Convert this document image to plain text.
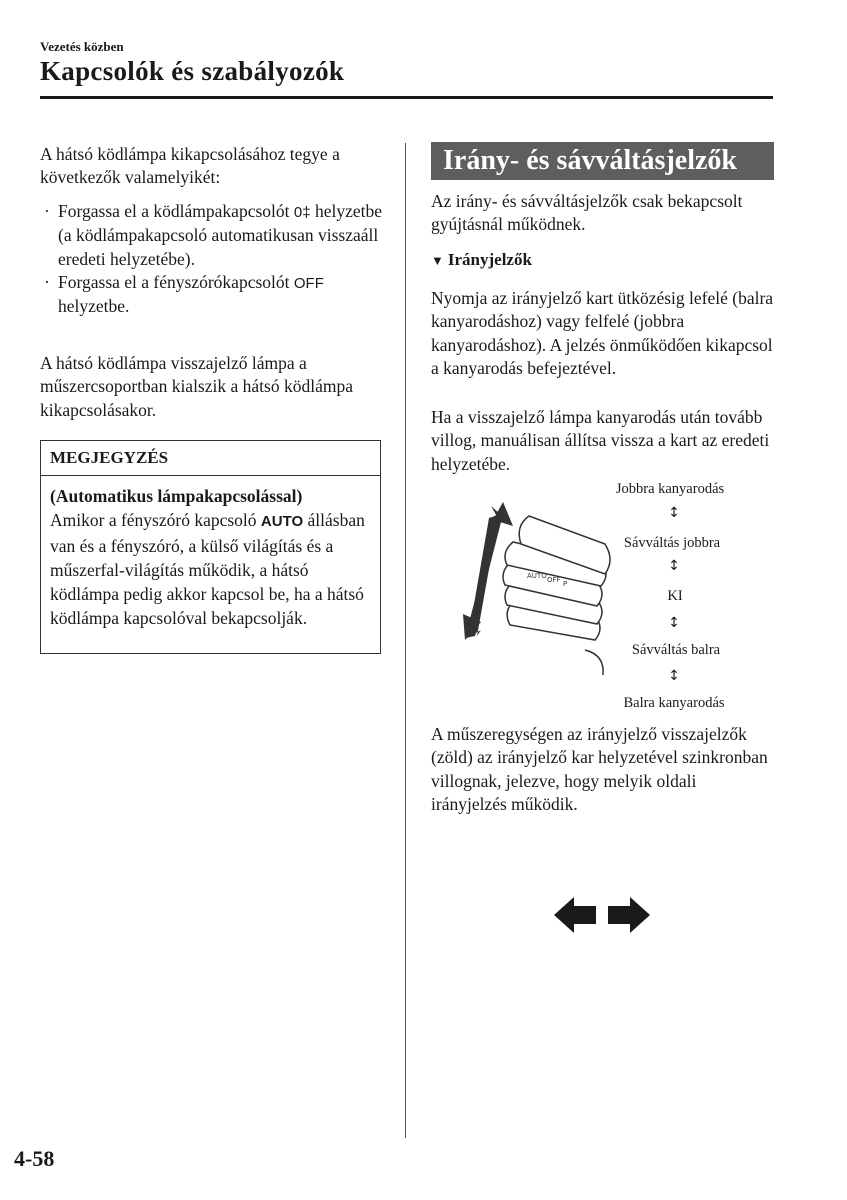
Vezetés közben
Kapcsolók és szabályozók
A hátsó ködlámpa kikapcsolásához tegye a következők valamelyikét:
· Forgassa el a ködlámpakapcsolót 0‡ helyzetbe (a ködlámpakapcsoló automatikusan visszaáll eredeti helyzetébe).
· Forgassa el a fényszórókapcsolót OFF helyzetbe.
A hátsó ködlámpa visszajelző lámpa a műszercsoportban kialszik a hátsó ködlámpa kikapcsolásakor.
MEGJEGYZÉS
(Automatikus lámpakapcsolással)
Amikor a fényszóró kapcsoló AUTO állásban van és a fényszóró, a külső világítás és a műszerfal-világítás működik, a hátsó ködlámpa pedig akkor kapcsol be, ha a hátsó ködlámpa kapcsolóval bekapcsolják.
Irány- és sávváltásjelzők
Az irány- és sávváltásjelzők csak bekapcsolt gyújtásnál működnek.
▼ Irányjelzők
Nyomja az irányjelző kart ütközésig lefelé (balra kanyarodáshoz) vagy felfelé (jobbra kanyarodáshoz). A jelzés önműködően kikapcsol a kanyarodás befejeztével.
Ha a visszajelző lámpa kanyarodás után tovább villog, manuálisan állítsa vissza a kart az eredeti helyzetébe.
AUTO OFF P
Jobbra kanyarodás
↕
Sávváltás jobbra
↕
KI
↕
Sávváltás balra
↕
Balra kanyarodás
A műszeregységen az irányjelző visszajelzők (zöld) az irányjelző kar helyzetével szinkronban villognak, jelezve, hogy melyik oldali irányjelzés működik.
4-58
